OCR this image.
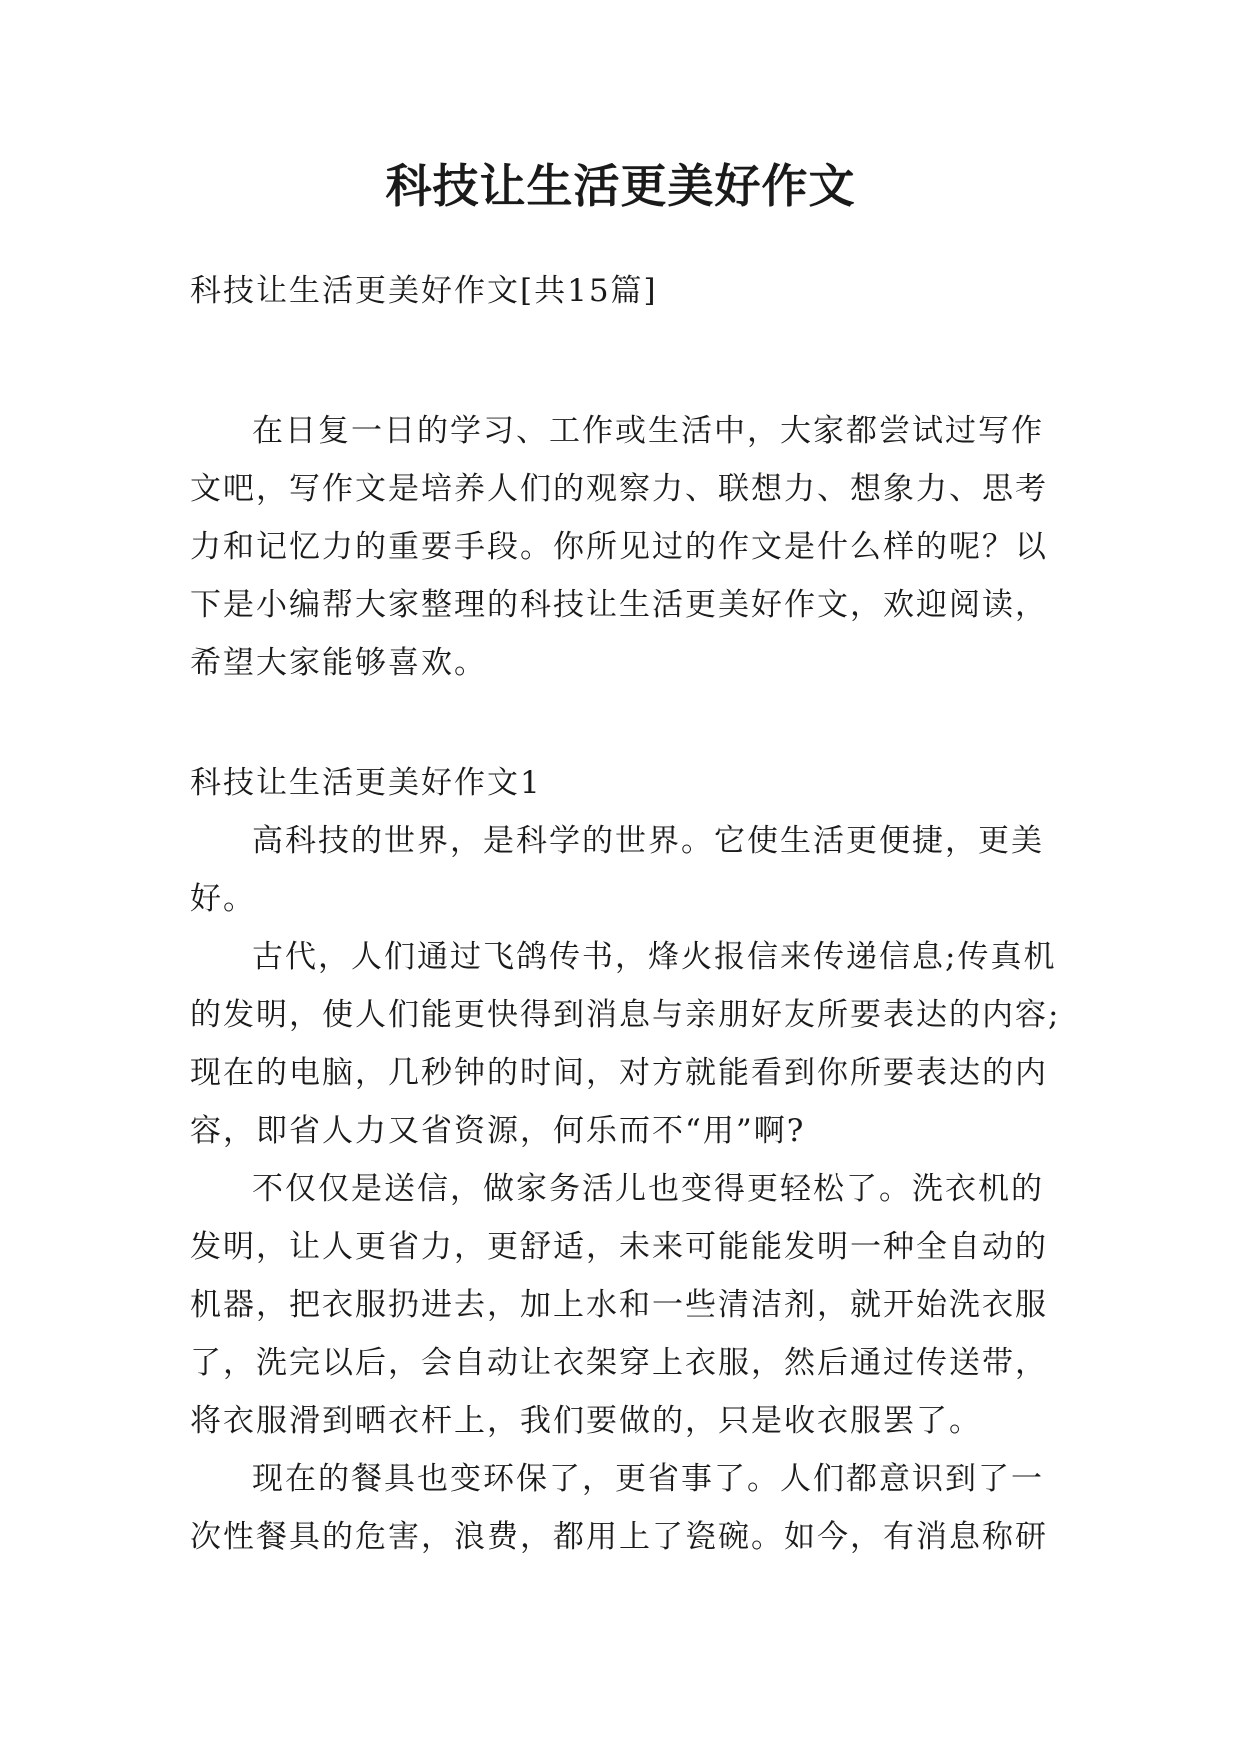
科技让生活更美好作文

科技让生活更美好作文[共15篇]

在日复一日的学习、工作或生活中，大家都尝试过写作文吧，写作文是培养人们的观察力、联想力、想象力、思考力和记忆力的重要手段。你所见过的作文是什么样的呢？以下是小编帮大家整理的科技让生活更美好作文，欢迎阅读，希望大家能够喜欢。

科技让生活更美好作文1

高科技的世界，是科学的世界。它使生活更便捷，更美好。

古代，人们通过飞鸽传书，烽火报信来传递信息;传真机的发明，使人们能更快得到消息与亲朋好友所要表达的内容;现在的电脑，几秒钟的时间，对方就能看到你所要表达的内容，即省人力又省资源，何乐而不“用”啊?

不仅仅是送信，做家务活儿也变得更轻松了。洗衣机的发明，让人更省力，更舒适，未来可能能发明一种全自动的机器，把衣服扔进去，加上水和一些清洁剂，就开始洗衣服了，洗完以后，会自动让衣架穿上衣服，然后通过传送带，将衣服滑到晒衣杆上，我们要做的，只是收衣服罢了。

现在的餐具也变环保了，更省事了。人们都意识到了一次性餐具的危害，浪费，都用上了瓷碗。如今，有消息称研
